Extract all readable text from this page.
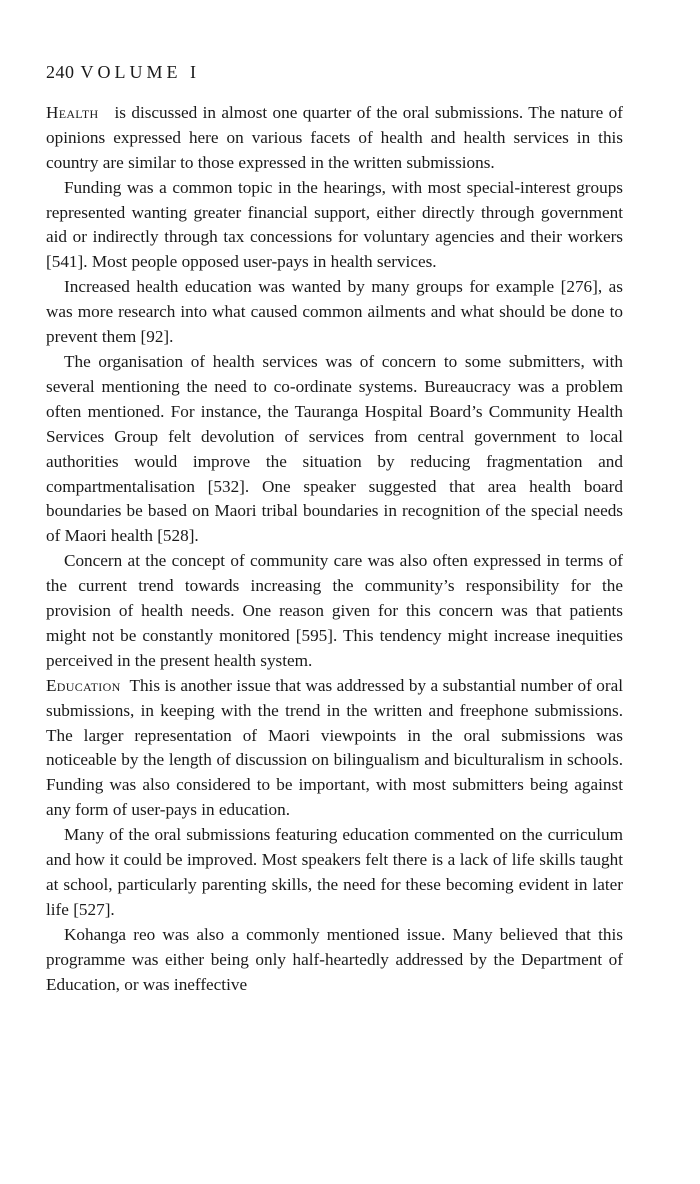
240 VOLUME I

Health is discussed in almost one quarter of the oral submissions. The nature of opinions expressed here on various facets of health and health services in this country are similar to those expressed in the written submissions.

Funding was a common topic in the hearings, with most special-interest groups represented wanting greater financial support, either directly through government aid or indirectly through tax concessions for voluntary agencies and their workers [541]. Most people opposed user-pays in health services.

Increased health education was wanted by many groups for example [276], as was more research into what caused common ailments and what should be done to prevent them [92].

The organisation of health services was of concern to some submitters, with several mentioning the need to co-ordinate systems. Bureaucracy was a problem often mentioned. For instance, the Tauranga Hospital Board’s Community Health Services Group felt devolution of services from central government to local authorities would improve the situation by reducing fragmentation and compartmentalisation [532]. One speaker suggested that area health board boundaries be based on Maori tribal boundaries in recognition of the special needs of Maori health [528].

Concern at the concept of community care was also often expressed in terms of the current trend towards increasing the community’s responsibility for the provision of health needs. One reason given for this concern was that patients might not be constantly monitored [595]. This tendency might increase inequities perceived in the present health system.

Education This is another issue that was addressed by a substantial number of oral submissions, in keeping with the trend in the written and freephone submissions. The larger representation of Maori viewpoints in the oral submissions was noticeable by the length of discussion on bilingualism and biculturalism in schools. Funding was also considered to be important, with most submitters being against any form of user-pays in education.

Many of the oral submissions featuring education commented on the curriculum and how it could be improved. Most speakers felt there is a lack of life skills taught at school, particularly parenting skills, the need for these becoming evident in later life [527].

Kohanga reo was also a commonly mentioned issue. Many believed that this programme was either being only half-heartedly addressed by the Department of Education, or was ineffective
